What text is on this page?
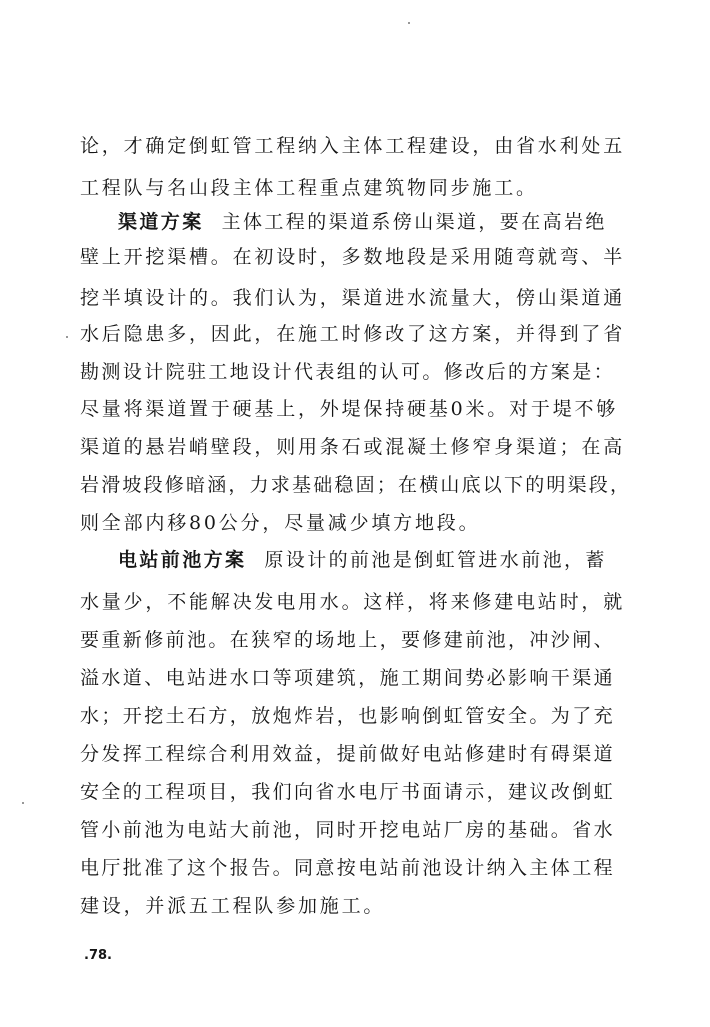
论，才确定倒虹管工程纳入主体工程建设，由省水利处五
工程队与名山段主体工程重点建筑物同步施工。
渠道方案 主体工程的渠道系傍山渠道，要在高岩绝
壁上开挖渠槽。在初设时，多数地段是采用随弯就弯、半
挖半填设计的。我们认为，渠道进水流量大，傍山渠道通
水后隐患多，因此，在施工时修改了这方案，并得到了省
勘测设计院驻工地设计代表组的认可。修改后的方案是：
尽量将渠道置于硬基上，外堤保持硬基0米。对于堤不够
渠道的悬岩峭壁段，则用条石或混凝土修窄身渠道；在高
岩滑坡段修暗涵，力求基础稳固；在横山底以下的明渠段，
则全部内移80公分，尽量减少填方地段。
电站前池方案 原设计的前池是倒虹管进水前池，蓄
水量少，不能解决发电用水。这样，将来修建电站时，就
要重新修前池。在狭窄的场地上，要修建前池，冲沙闸、
溢水道、电站进水口等项建筑，施工期间势必影响干渠通
水；开挖土石方，放炮炸岩，也影响倒虹管安全。为了充
分发挥工程综合利用效益，提前做好电站修建时有碍渠道
安全的工程项目，我们向省水电厅书面请示，建议改倒虹
管小前池为电站大前池，同时开挖电站厂房的基础。省水
电厅批准了这个报告。同意按电站前池设计纳入主体工程
建设，并派五工程队参加施工。
.78.
